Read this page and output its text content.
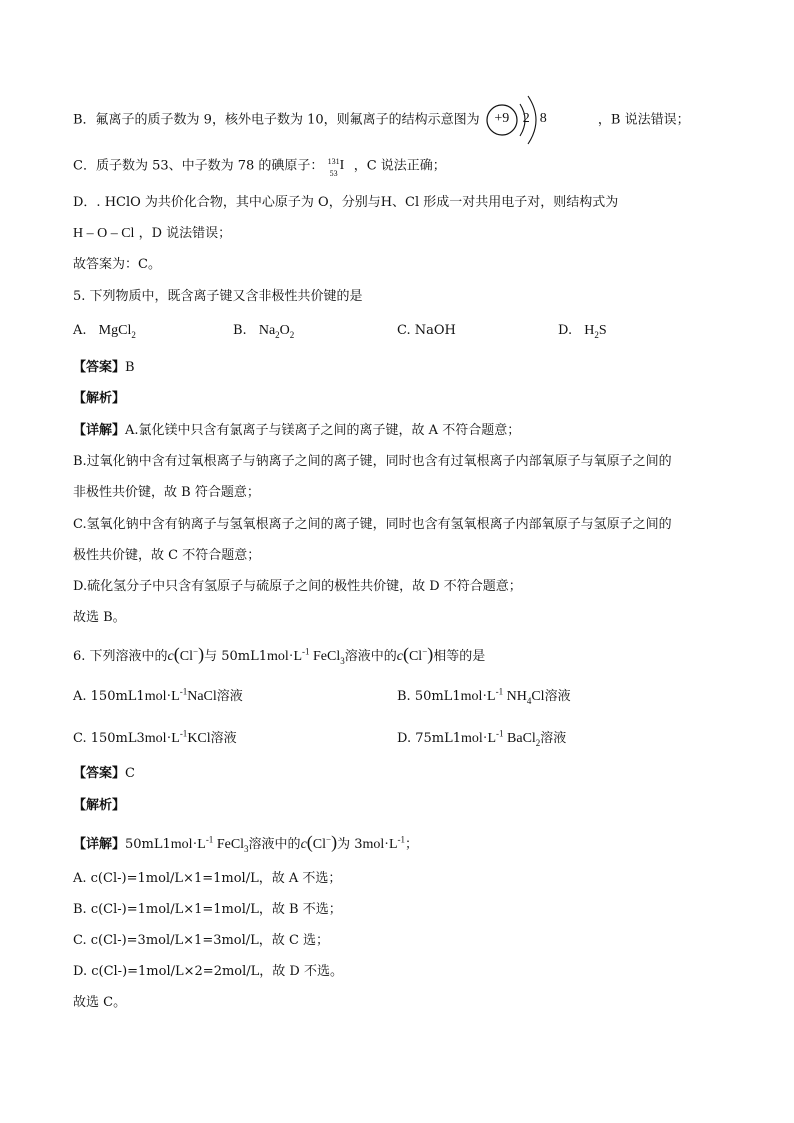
B．氟离子的质子数为 9，核外电子数为 10，则氟离子的结构示意图为	+9 2 8	，B 说法错误；
C．质子数为 53、中子数为 78 的碘原子： 131
53
I ，C 说法正确；
D．. HClO 为共价化合物，其中心原子为 O，分别与H、Cl 形成一对共用电子对，则结构式为
H – O – Cl ，D 说法错误；
故答案为：C。
5. 下列物质中，既含离子键又含非极性共价键的是
A. MgCl$_2$	B. $Na_2O_2$	C. NaOH	D. $H_2S$
【答案】B
【解析】
【详解】A.氯化镁中只含有氯离子与镁离子之间的离子键，故 A 不符合题意；
B.过氧化钠中含有过氧根离子与钠离子之间的离子键，同时也含有过氧根离子内部氧原子与氧原子之间的
非极性共价键，故 B 符合题意；
C.氢氧化钠中含有钠离子与氢氧根离子之间的离子键，同时也含有氢氧根离子内部氧原子与氢原子之间的
极性共价键，故 C 不符合题意；
D.硫化氢分子中只含有氢原子与硫原子之间的极性共价键，故 D 不符合题意；
故选 B。
6. 下列溶液中的c(Cl−)与 $50mL1mol\cdot L^{-1}$ FeCl$_3$溶液中的c(Cl−)相等的是
A. $150mL1mol\cdot L^{-1}NaCl$溶液	B. $50mL1mol\cdot L^{-1}$ $NH_4Cl$溶液
C. $150mL3mol\cdot L^{-1}KCl$溶液	D. $75mL1mol\cdot L^{-1}$ BaCl$_2$溶液
【答案】C
【解析】
【详解】$50mL1mol\cdot L^{-1}$ FeCl$_3$溶液中的c(Cl−)为 $3mol\cdot L^{-1}$；
A. c(Cl-)=1mol/L×1=1mol/L，故 A 不选；
B. c(Cl-)=1mol/L×1=1mol/L，故 B 不选；
C. c(Cl-)=3mol/L×1=3mol/L，故 C 选；
D. c(Cl-)=1mol/L×2=2mol/L，故 D 不选。
故选 C。
